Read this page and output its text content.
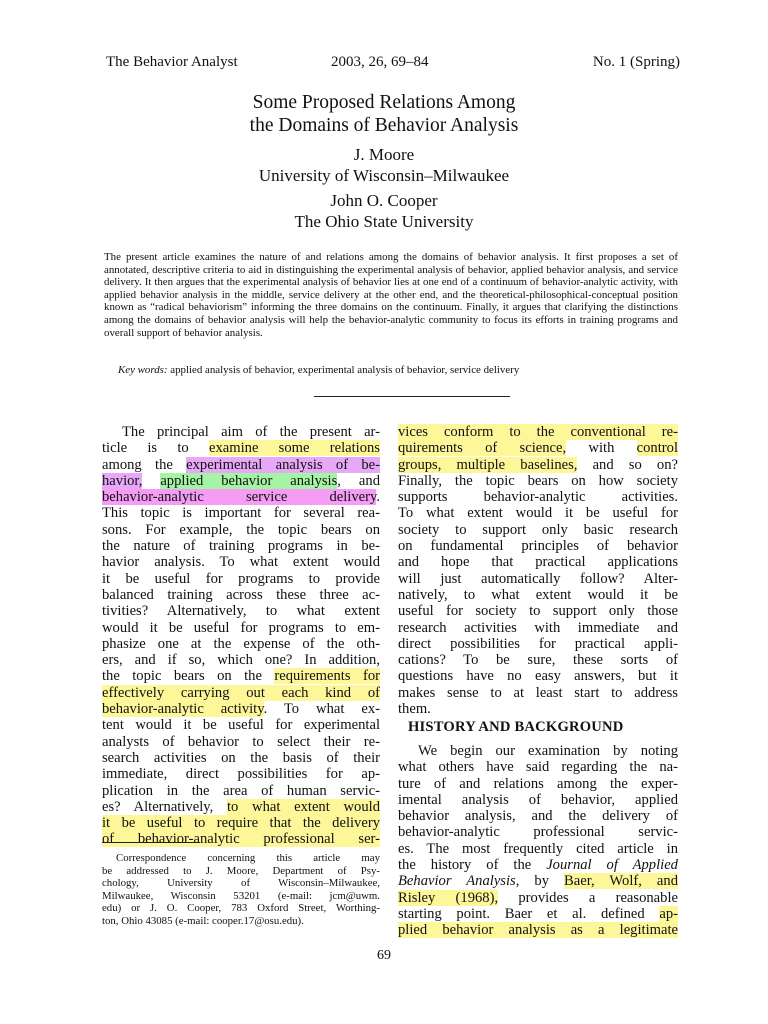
The Behavior Analyst	2003, 26, 69–84	No. 1 (Spring)
Some Proposed Relations Among
the Domains of Behavior Analysis
J. Moore
University of Wisconsin–Milwaukee
John O. Cooper
The Ohio State University
The present article examines the nature of and relations among the domains of behavior analysis. It first proposes a set of annotated, descriptive criteria to aid in distinguishing the experimental analysis of behavior, applied behavior analysis, and service delivery. It then argues that the experimental analysis of behavior lies at one end of a continuum of behavior-analytic activity, with applied behavior analysis in the middle, service delivery at the other end, and the theoretical-philosophical-conceptual position known as “radical behaviorism” informing the three domains on the continuum. Finally, it argues that clarifying the distinctions among the domains of behavior analysis will help the behavior-analytic community to focus its efforts in training programs and overall support of behavior analysis.
Key words: applied analysis of behavior, experimental analysis of behavior, service delivery
The principal aim of the present ar-
ticle is to examine some relations
among the experimental analysis of be-
havior, applied behavior analysis, and
behavior-analytic service delivery.
This topic is important for several rea-
sons. For example, the topic bears on
the nature of training programs in be-
havior analysis. To what extent would
it be useful for programs to provide
balanced training across these three ac-
tivities? Alternatively, to what extent
would it be useful for programs to em-
phasize one at the expense of the oth-
ers, and if so, which one? In addition,
the topic bears on the requirements for
effectively carrying out each kind of
behavior-analytic activity. To what ex-
tent would it be useful for experimental
analysts of behavior to select their re-
search activities on the basis of their
immediate, direct possibilities for ap-
plication in the area of human servic-
es? Alternatively, to what extent would
it be useful to require that the delivery
of behavior-analytic professional ser-
vices conform to the conventional re-
quirements of science, with control
groups, multiple baselines, and so on?
Finally, the topic bears on how society
supports behavior-analytic activities.
To what extent would it be useful for
society to support only basic research
on fundamental principles of behavior
and hope that practical applications
will just automatically follow? Alter-
natively, to what extent would it be
useful for society to support only those
research activities with immediate and
direct possibilities for practical appli-
cations? To be sure, these sorts of
questions have no easy answers, but it
makes sense to at least start to address
them.
HISTORY AND BACKGROUND
We begin our examination by noting
what others have said regarding the na-
ture of and relations among the exper-
imental analysis of behavior, applied
behavior analysis, and the delivery of
behavior-analytic professional servic-
es. The most frequently cited article in
the history of the Journal of Applied
Behavior Analysis, by Baer, Wolf, and
Risley (1968), provides a reasonable
starting point. Baer et al. defined ap-
plied behavior analysis as a legitimate
Correspondence concerning this article may
be addressed to J. Moore, Department of Psy-
chology, University of Wisconsin–Milwaukee,
Milwaukee, Wisconsin 53201 (e-mail: jcm@uwm.
edu) or J. O. Cooper, 783 Oxford Street, Worthing-
ton, Ohio 43085 (e-mail: cooper.17@osu.edu).
69
